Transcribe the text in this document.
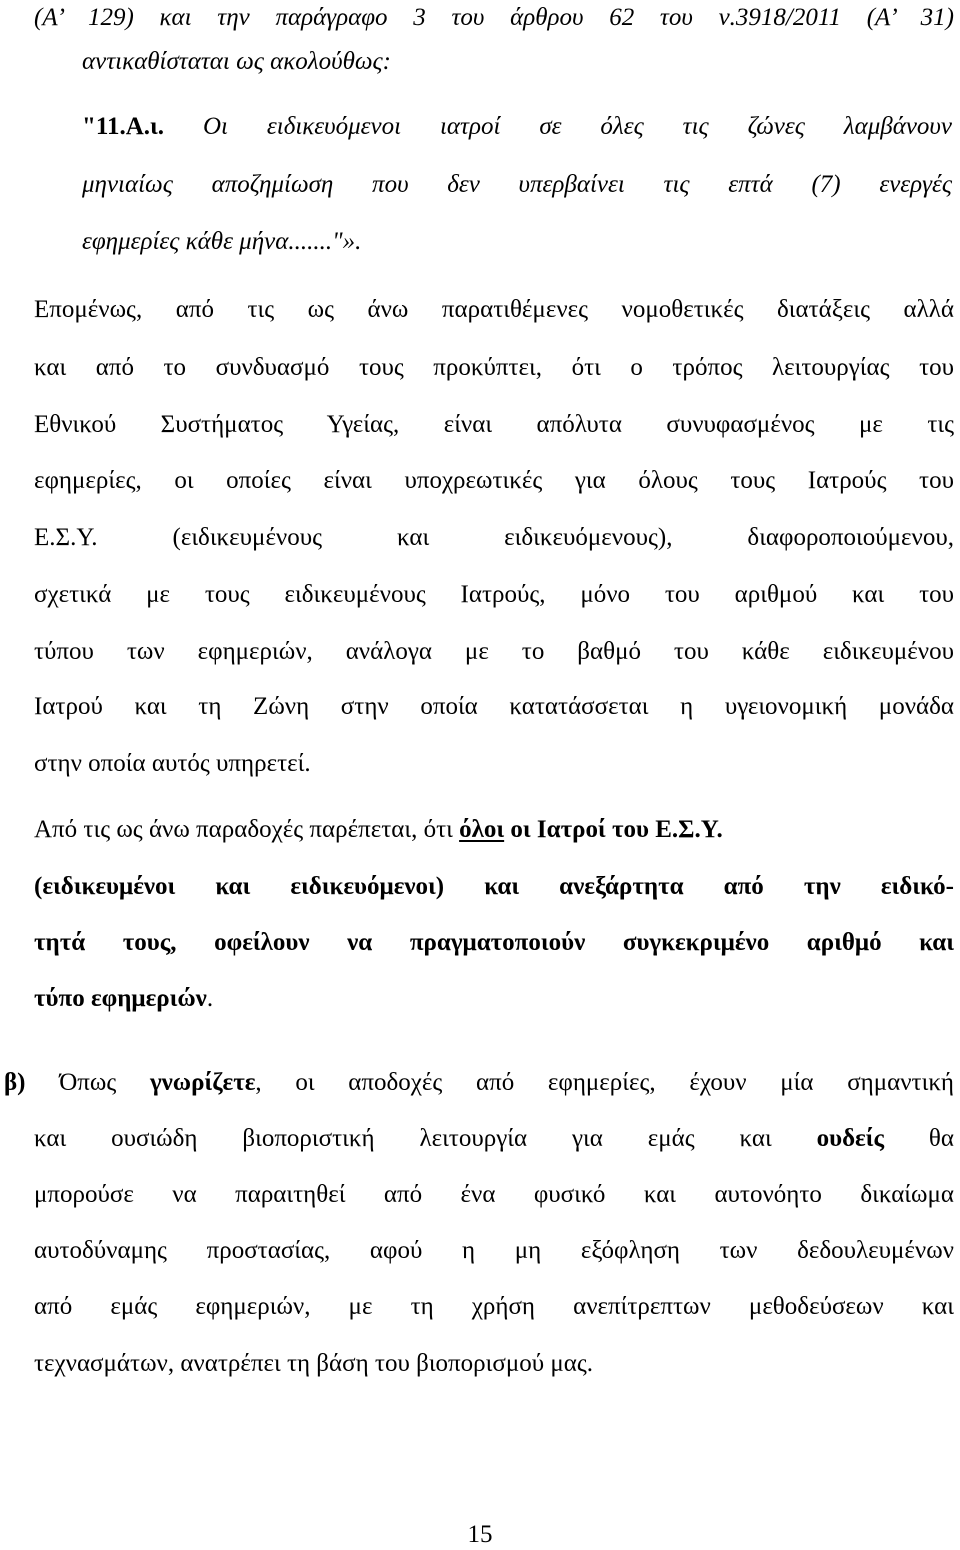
(Α’ 129) και την παράγραφο 3 του άρθρου 62 του ν.3918/2011 (Α’ 31)
αντικαθίσταται ως ακολούθως:
"11.Α.ι. Οι ειδικευόμενοι ιατροί σε όλες τις ζώνες λαμβάνουν
μηνιαίως αποζημίωση που δεν υπερβαίνει τις επτά (7) ενεργές
εφημερίες κάθε μήνα......."».
Επομένως, από τις ως άνω παρατιθέμενες νομοθετικές διατάξεις αλλά
και από το συνδυασμό τους προκύπτει, ότι ο τρόπος λειτουργίας του
Εθνικού Συστήματος Υγείας, είναι απόλυτα συνυφασμένος με τις
εφημερίες, οι οποίες είναι υποχρεωτικές για όλους τους Ιατρούς του
Ε.Σ.Υ. (ειδικευμένους και ειδικευόμενους), διαφοροποιούμενου,
σχετικά με τους ειδικευμένους Ιατρούς, μόνο του αριθμού και του
τύπου των εφημεριών, ανάλογα με το βαθμό του κάθε ειδικευμένου
Ιατρού και τη Ζώνη στην οποία κατατάσσεται η υγειονομική μονάδα
στην οποία αυτός υπηρετεί.
Από τις ως άνω παραδοχές παρέπεται, ότι όλοι οι Ιατροί του Ε.Σ.Υ.
(ειδικευμένοι και ειδικευόμενοι) και ανεξάρτητα από την ειδικό-
τητά τους, οφείλουν να πραγματοποιούν συγκεκριμένο αριθμό και
τύπο εφημεριών.
β) Όπως γνωρίζετε, οι αποδοχές από εφημερίες, έχουν μία σημαντική
και ουσιώδη βιοποριστική λειτουργία για εμάς και ουδείς θα
μπορούσε να παραιτηθεί από ένα φυσικό και αυτονόητο δικαίωμα
αυτοδύναμης προστασίας, αφού η μη εξόφληση των δεδουλευμένων
από εμάς εφημεριών, με τη χρήση ανεπίτρεπτων μεθοδεύσεων και
τεχνασμάτων, ανατρέπει τη βάση του βιοπορισμού μας.
15
